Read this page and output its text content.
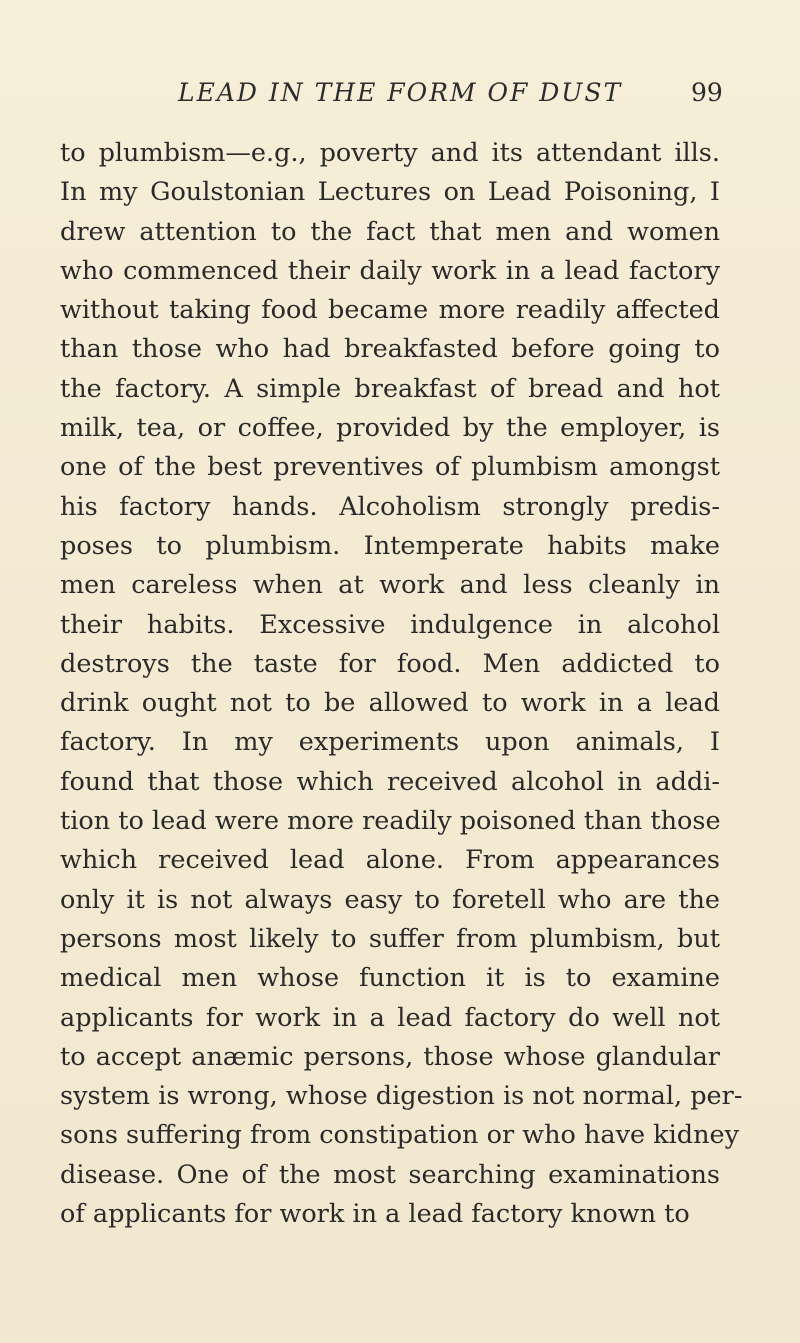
LEAD IN THE FORM OF DUST	99
to plumbism—e.g., poverty and its attendant ills.
In my Goulstonian Lectures on Lead Poisoning, I
drew attention to the fact that men and women
who commenced their daily work in a lead factory
without taking food became more readily affected
than those who had breakfasted before going to
the factory. A simple breakfast of bread and hot
milk, tea, or coffee, provided by the employer, is
one of the best preventives of plumbism amongst
his factory hands. Alcoholism strongly predis-
poses to plumbism. Intemperate habits make
men careless when at work and less cleanly in
their habits. Excessive indulgence in alcohol
destroys the taste for food. Men addicted to
drink ought not to be allowed to work in a lead
factory. In my experiments upon animals, I
found that those which received alcohol in addi-
tion to lead were more readily poisoned than those
which received lead alone. From appearances
only it is not always easy to foretell who are the
persons most likely to suffer from plumbism, but
medical men whose function it is to examine
applicants for work in a lead factory do well not
to accept anæmic persons, those whose glandular
system is wrong, whose digestion is not normal, per-
sons suffering from constipation or who have kidney
disease. One of the most searching examinations
of applicants for work in a lead factory known to
